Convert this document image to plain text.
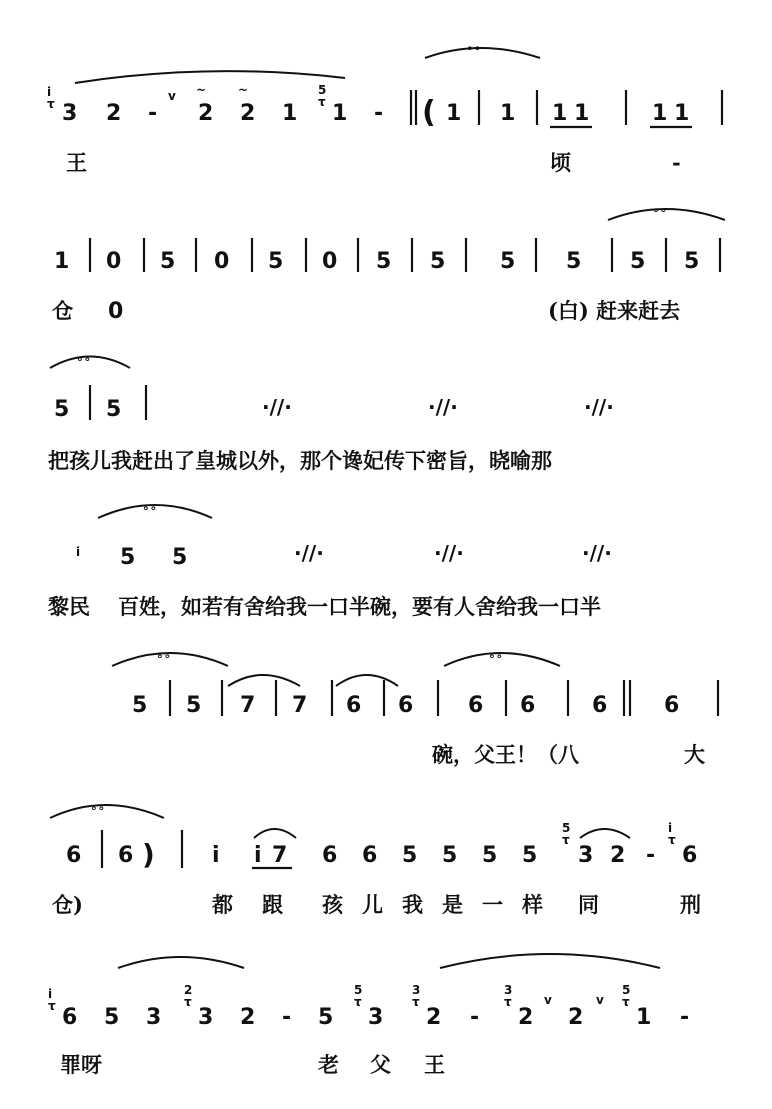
∘∘
i
τ 3 2 -
v ~
2
~
2 1
5
τ 1 - ( 1 1 1 1	1 1
王	顷	-
∘∘
1 0 5 0 5 0 5 5 5 5 5 5
仓 0	(白) 赶来赶去
∘∘
5 5	·//·	·//·	·//·
把孩儿我赶出了皇城以外，那个谗妃传下密旨，晓喻那
∘∘
i 5 5	·//·	·//·	·//·
黎民 百姓，如若有舍给我一口半碗，要有人舍给我一口半
∘∘	∘∘
5 5 7 7 6 6 6 6	6	6
碗，父王！（八	大
∘∘
6 6 )	i i 7 6 6 5 5 5 5
5
τ
3 2 -
i
τ
6
仓)	都 跟 孩 儿 我 是 一 样 同	刑
i
τ 6 5 3
2
τ
3 2 - 5
5
τ
3
3
τ
2 -
3
τ
2
v
2
v
5
τ
1 -
罪呀	老 父 王
